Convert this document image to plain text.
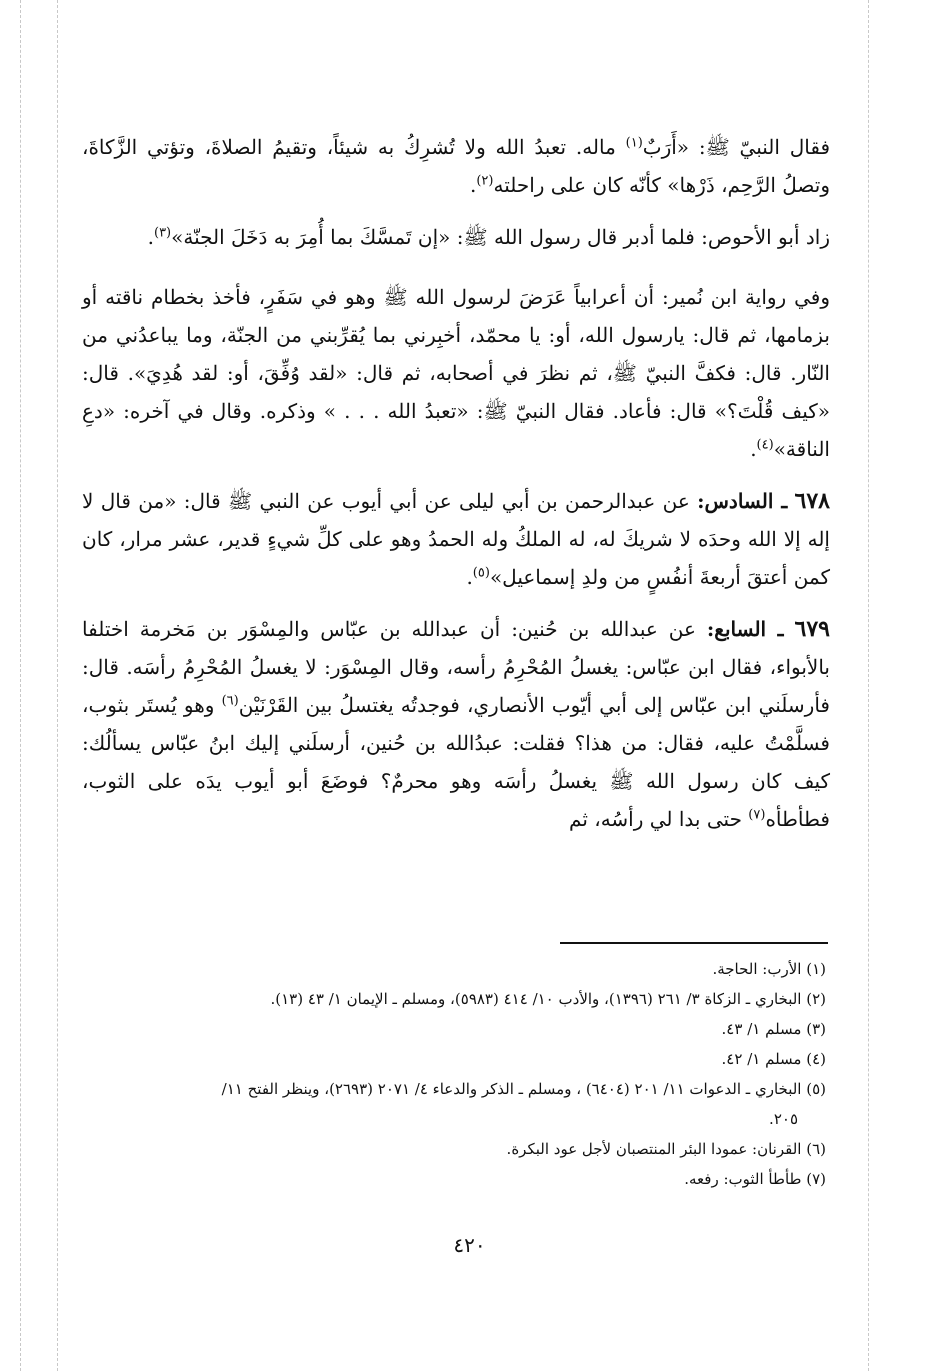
فقال النبيّ ﷺ: «أَرَبٌ$^{(١)}$ ماله. تعبدُ الله ولا تُشرِكُ به شيئاً، وتقيمُ الصلاةَ، وتؤتي الزَّكاةَ، وتصلُ الرَّحِم، ذَرْها» كأنّه كان على راحلته$^{(٢)}$.

زاد أبو الأحوص: فلما أدبر قال رسول الله ﷺ: «إن تَمسَّكَ بما أُمِرَ به دَخَلَ الجنّة»$^{(٣)}$.

وفي رواية ابن نُمير: أن أعرابياً عَرَضَ لرسول الله ﷺ وهو في سَفَرٍ، فأخذ بخطام ناقته أو بزمامها، ثم قال: يارسول الله، أو: يا محمّد، أخبِرني بما يُقرِّبني من الجنّة، وما يباعدُني من النّار. قال: فكفَّ النبيّ ﷺ، ثم نظرَ في أصحابه، ثم قال: «لقد وُفِّقَ، أو: لقد هُدِيَ». قال: «كيف قُلْتَ؟» قال: فأعاد. فقال النبيّ ﷺ: «تعبدُ الله . . . » وذكره. وقال في آخره: «دعِ الناقة»$^{(٤)}$.

٦٧٨ ـ السادس: عن عبدالرحمن بن أبي ليلى عن أبي أيوب عن النبي ﷺ قال: «من قال لا إله إلا الله وحدَه لا شريكَ له، له الملكُ وله الحمدُ وهو على كلِّ شيءٍ قدير، عشر مرار، كان كمن أعتقَ أربعةَ أنفُسٍ من ولدِ إسماعيل»$^{(٥)}$.

٦٧٩ ـ السابع: عن عبدالله بن حُنين: أن عبدالله بن عبّاس والمِسْوَر بن مَخرمة اختلفا بالأبواء، فقال ابن عبّاس: يغسلُ المُحْرِمُ رأسه، وقال المِسْوَر: لا يغسلُ المُحْرِمُ رأسَه. قال: فأرسلَني ابن عبّاس إلى أبي أيّوب الأنصاري، فوجدتُه يغتسلُ بين القَرْنَيْن$^{(٦)}$ وهو يُستَر بثوب، فسلَّمْتُ عليه، فقال: من هذا؟ فقلت: عبدُالله بن حُنين، أرسلَني إليك ابنُ عبّاس يسألُك: كيف كان رسول الله ﷺ يغسلُ رأسَه وهو محرمٌ؟ فوضَعَ أبو أيوب يدَه على الثوب، فطأطأه$^{(٧)}$ حتى بدا لي رأسُه، ثم

(١) الأرب: الحاجة.

(٢) البخاري ـ الزكاة ٣/ ٢٦١ (١٣٩٦)، والأدب ١٠/ ٤١٤ (٥٩٨٣)، ومسلم ـ الإيمان ١/ ٤٣ (١٣).

(٣) مسلم ١/ ٤٣.

(٤) مسلم ١/ ٤٢.

(٥) البخاري ـ الدعوات ١١/ ٢٠١ (٦٤٠٤) ، ومسلم ـ الذكر والدعاء ٤/ ٢٠٧١ (٢٦٩٣)، وينظر الفتح ١١/

٢٠٥.

(٦) القرنان: عمودا البئر المنتصبان لأجل عود البكرة.

(٧) طأطأ الثوب: رفعه.

٤٢٠
